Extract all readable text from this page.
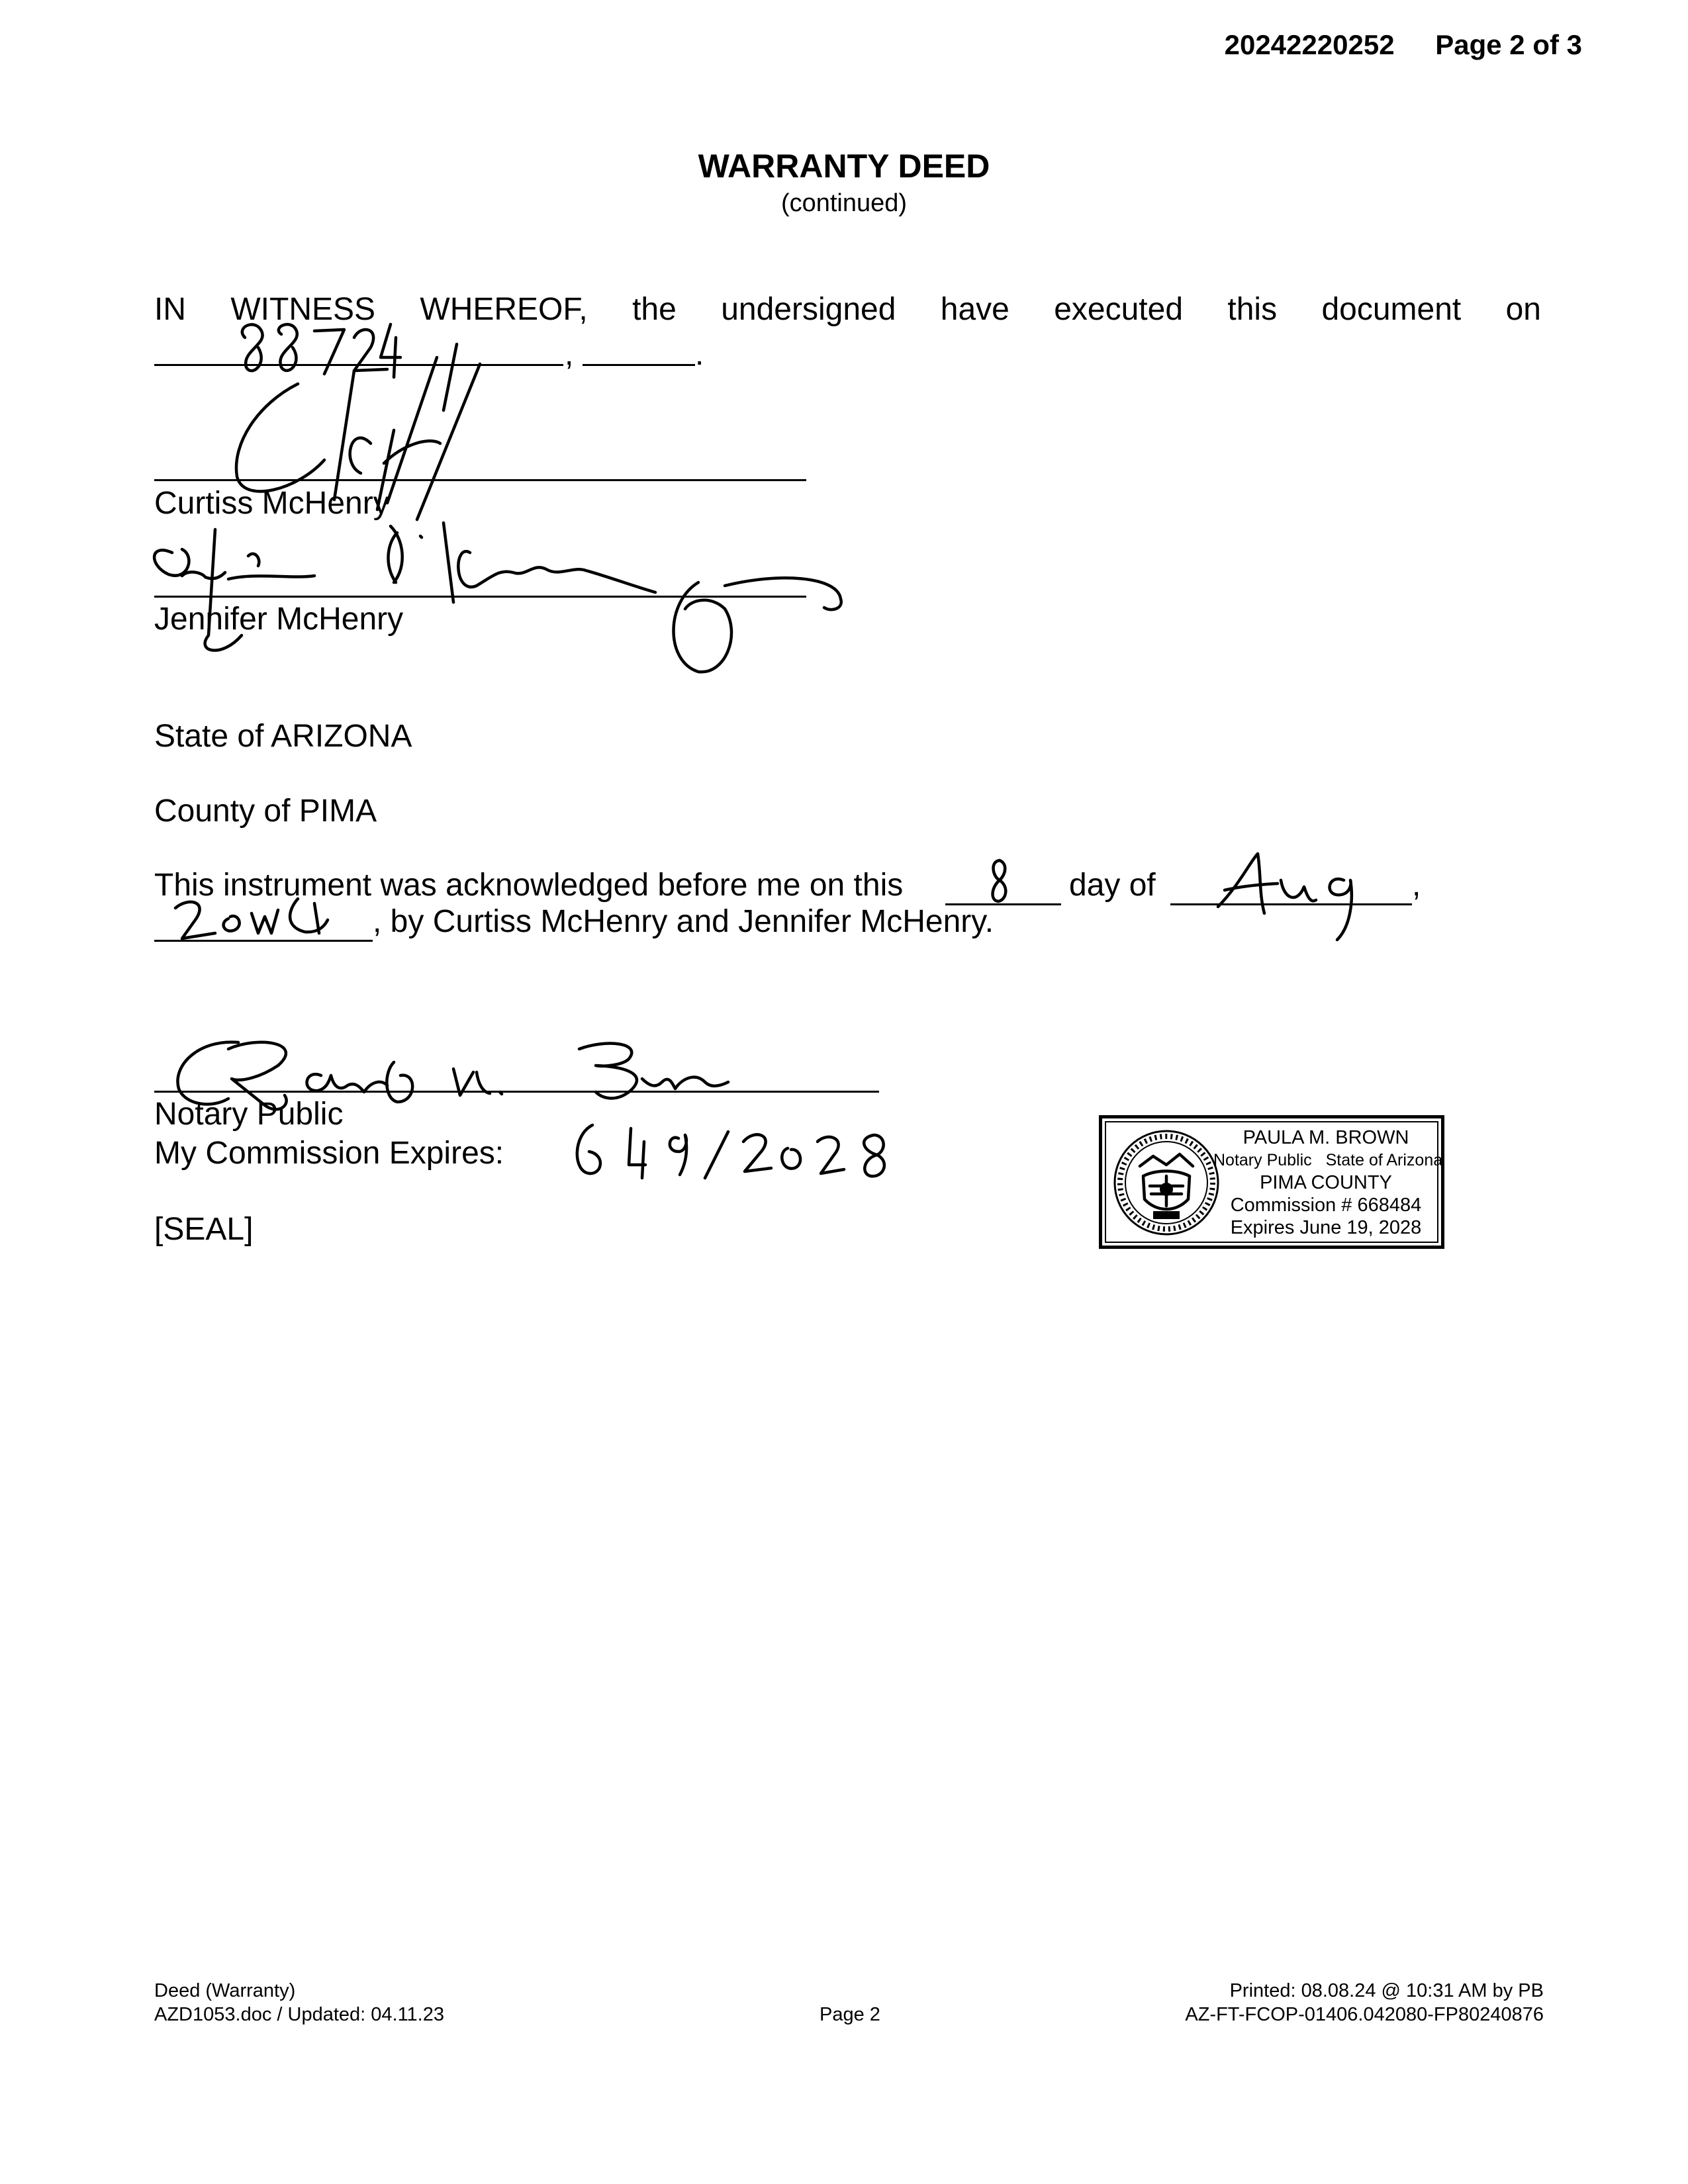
20242220252 Page 2 of 3
WARRANTY DEED
(continued)
IN WITNESS WHEREOF, the undersigned have executed this document on
,	.
Curtiss McHenry
Jennifer McHenry
State of ARIZONA
County of PIMA
This instrument was acknowledged before me on this	day of	,
, by Curtiss McHenry and Jennifer McHenry.
Notary Public
My Commission Expires:
[SEAL]
PAULA M. BROWN
Notary Public State of Arizona
PIMA COUNTY
Commission # 668484
Expires June 19, 2028
Deed (Warranty)
AZD1053.doc / Updated: 04.11.23	Page 2
Printed: 08.08.24 @ 10:31 AM by PB
AZ-FT-FCOP-01406.042080-FP80240876
